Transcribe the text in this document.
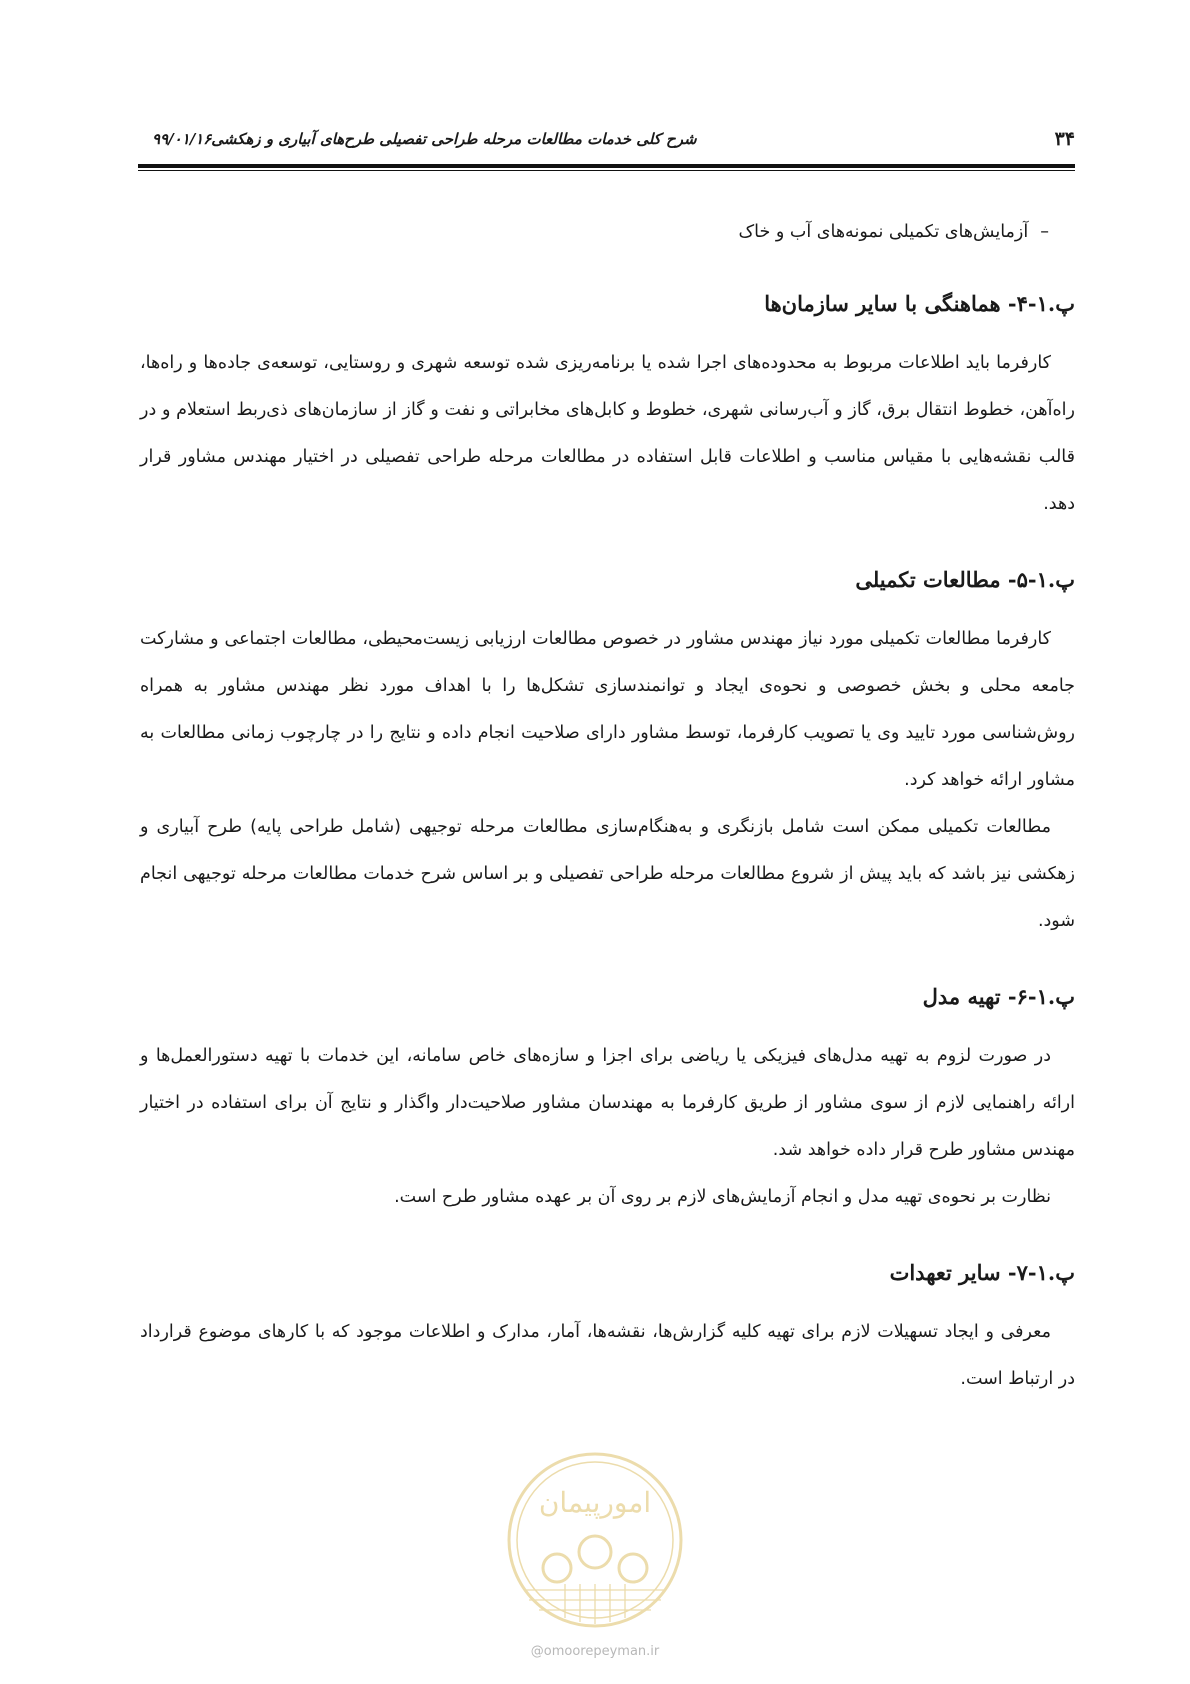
۳۴
شرح کلی خدمات مطالعات مرحله طراحی تفصیلی طرح‌های آبیاری و زهکشی۹۹/۰۱/۱۶
–آزمایش‌های تکمیلی نمونه‌های آب و خاک
پ.۱-۴- هماهنگی با سایر سازمان‌ها

کارفرما باید اطلاعات مربوط به محدوده‌های اجرا شده یا برنامه‌ریزی شده توسعه شهری و روستایی، توسعه‌ی جاده‌ها و راه‌ها، راه‌آهن، خطوط انتقال برق، گاز و آب‌رسانی شهری، خطوط و کابل‌های مخابراتی و نفت و گاز از سازمان‌های ذی‌ربط استعلام و در قالب نقشه‌هایی با مقیاس مناسب و اطلاعات قابل استفاده در مطالعات مرحله طراحی تفصیلی در اختیار مهندس مشاور قرار دهد.

پ.۱-۵- مطالعات تکمیلی

کارفرما مطالعات تکمیلی مورد نیاز مهندس مشاور در خصوص مطالعات ارزیابی زیست‌محیطی، مطالعات اجتماعی و مشارکت جامعه محلی و بخش خصوصی و نحوه‌ی ایجاد و توانمندسازی تشکل‌ها را با اهداف مورد نظر مهندس مشاور به همراه روش‌شناسی مورد تایید وی یا تصویب کارفرما، توسط مشاور دارای صلاحیت انجام داده و نتایج را در چارچوب زمانی مطالعات به مشاور ارائه خواهد کرد.

مطالعات تکمیلی ممکن است شامل بازنگری و به‌هنگام‌سازی مطالعات مرحله توجیهی (شامل طراحی پایه) طرح آبیاری و زهکشی نیز باشد که باید پیش از شروع مطالعات مرحله طراحی تفصیلی و بر اساس شرح خدمات مطالعات مرحله توجیهی انجام شود.

پ.۱-۶- تهیه مدل

در صورت لزوم به تهیه مدل‌های فیزیکی یا ریاضی برای اجزا و سازه‌های خاص سامانه، این خدمات با تهیه دستورالعمل‌ها و ارائه راهنمایی لازم از سوی مشاور از طریق کارفرما به مهندسان مشاور صلاحیت‌دار واگذار و نتایج آن برای استفاده در اختیار مهندس مشاور طرح قرار داده خواهد شد.

نظارت بر نحوه‌ی تهیه مدل و انجام آزمایش‌های لازم بر روی آن بر عهده مشاور طرح است.

پ.۱-۷- سایر تعهدات

معرفی و ایجاد تسهیلات لازم برای تهیه کلیه گزارش‌ها، نقشه‌ها، آمار، مدارک و اطلاعات موجود که با کارهای موضوع قرارداد در ارتباط است.

امورپیمان
@omoorepeyman.ir
